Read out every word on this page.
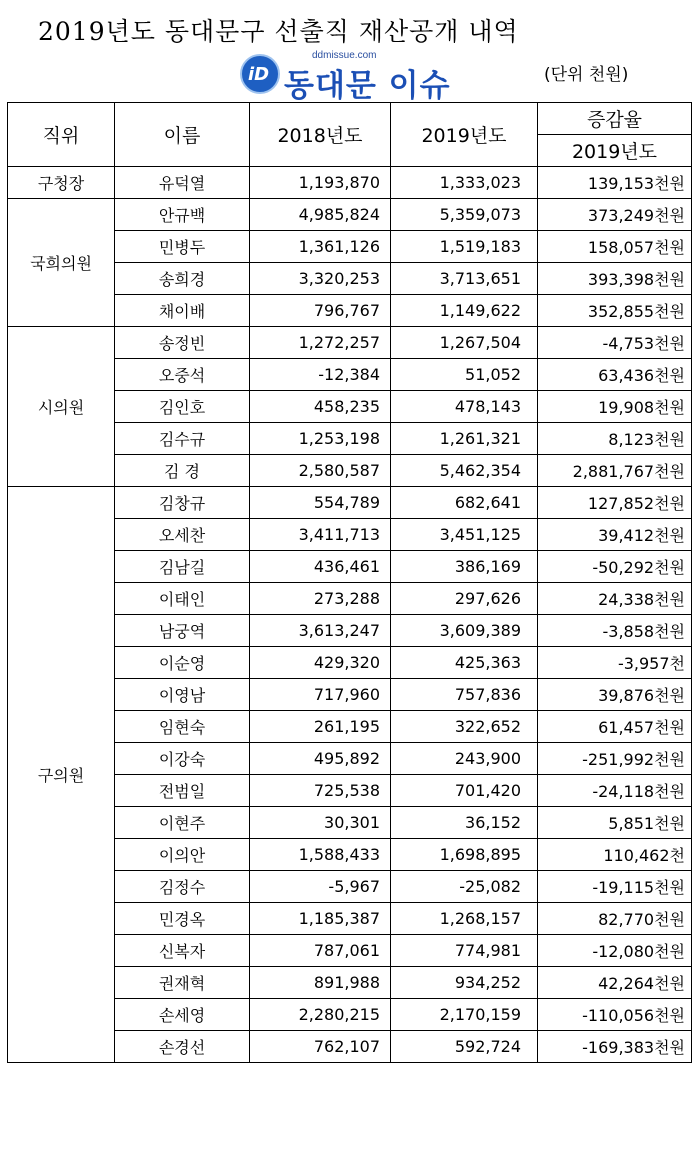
2019년도 동대문구 선출직 재산공개 내역
ddmissue.com
iD 동대문 이슈	(단위 천원)
직위	이름	2018년도	2019년도	증감율
				2019년도
구청장	유덕열	1,193,870	1,333,023	139,153천원
국희의원	안규백	4,985,824	5,359,073	373,249천원
	민병두	1,361,126	1,519,183	158,057천원
	송희경	3,320,253	3,713,651	393,398천원
	채이배	796,767	1,149,622	352,855천원
시의원	송정빈	1,272,257	1,267,504	-4,753천원
	오중석	-12,384	51,052	63,436천원
	김인호	458,235	478,143	19,908천원
	김수규	1,253,198	1,261,321	8,123천원
	김 경	2,580,587	5,462,354	2,881,767천원
구의원	김창규	554,789	682,641	127,852천원
	오세찬	3,411,713	3,451,125	39,412천원
	김남길	436,461	386,169	-50,292천원
	이태인	273,288	297,626	24,338천원
	남궁역	3,613,247	3,609,389	-3,858천원
	이순영	429,320	425,363	-3,957천
	이영남	717,960	757,836	39,876천원
	임현숙	261,195	322,652	61,457천원
	이강숙	495,892	243,900	-251,992천원
	전범일	725,538	701,420	-24,118천원
	이현주	30,301	36,152	5,851천원
	이의안	1,588,433	1,698,895	110,462천
	김정수	-5,967	-25,082	-19,115천원
	민경옥	1,185,387	1,268,157	82,770천원
	신복자	787,061	774,981	-12,080천원
	권재혁	891,988	934,252	42,264천원
	손세영	2,280,215	2,170,159	-110,056천원
	손경선	762,107	592,724	-169,383천원
